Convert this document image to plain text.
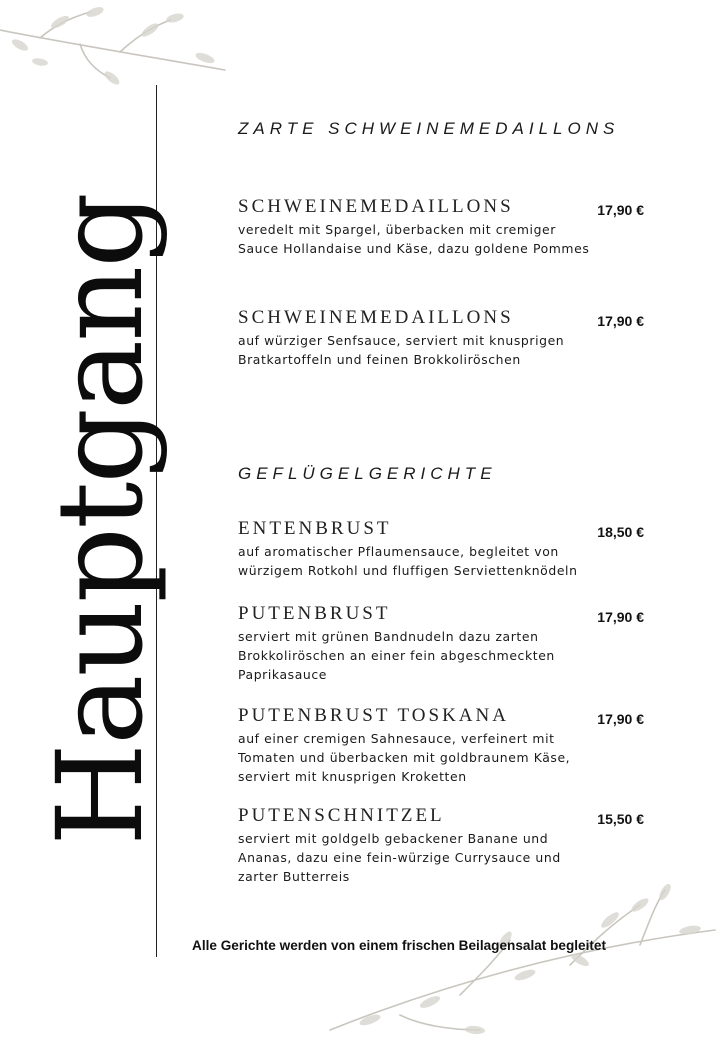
Hauptgang
ZARTE SCHWEINEMEDAILLONS
SCHWEINEMEDAILLONS
veredelt mit Spargel, überbacken mit cremiger Sauce Hollandaise und Käse, dazu goldene Pommes
17,90 €
SCHWEINEMEDAILLONS
auf würziger Senfsauce, serviert mit knusprigen Bratkartoffeln und feinen Brokkoliröschen
17,90 €
GEFLÜGELGERICHTE
ENTENBRUST
auf aromatischer Pflaumensauce, begleitet von würzigem Rotkohl und fluffigen Serviettenknödeln
18,50 €
PUTENBRUST
serviert mit grünen Bandnudeln dazu zarten Brokkoliröschen an einer fein abgeschmeckten Paprikasauce
17,90 €
PUTENBRUST TOSKANA
auf einer cremigen Sahnesauce, verfeinert mit Tomaten und überbacken mit goldbraunem Käse, serviert mit knusprigen Kroketten
17,90 €
PUTENSCHNITZEL
serviert mit goldgelb gebackener Banane und Ananas, dazu eine fein-würzige Currysauce und zarter Butterreis
15,50 €
Alle Gerichte werden von einem frischen Beilagensalat begleitet
